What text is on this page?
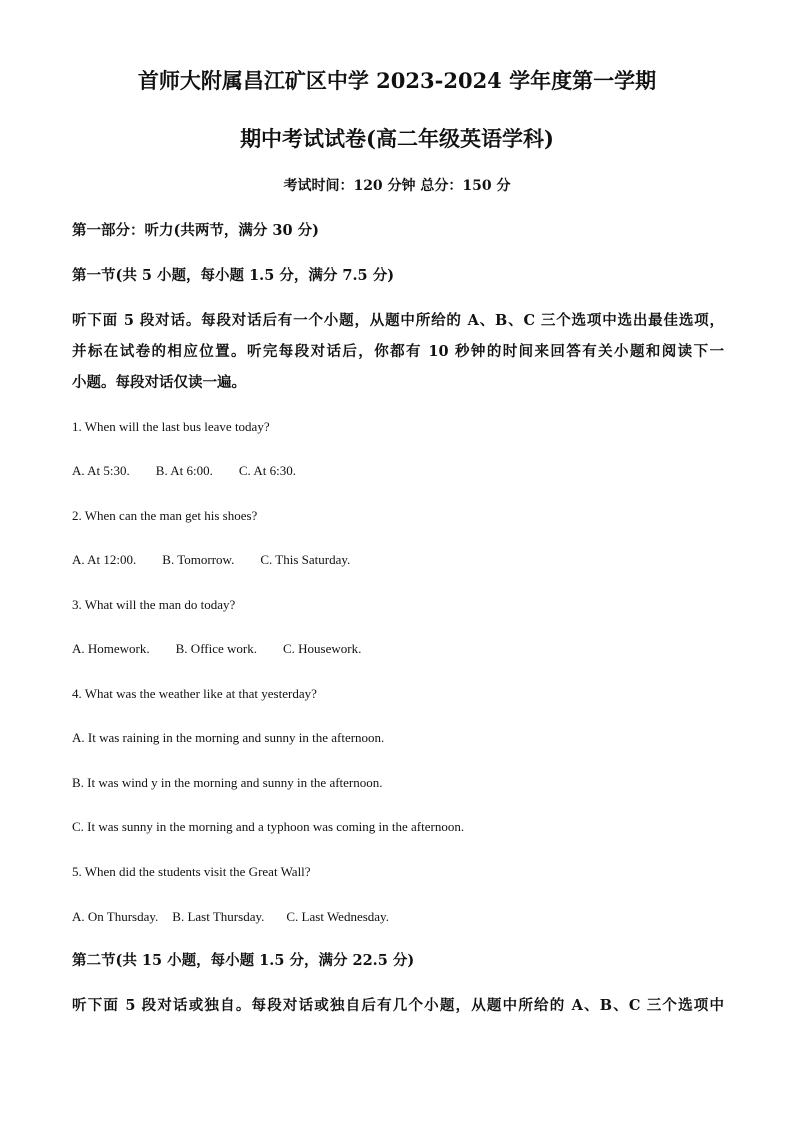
首师大附属昌江矿区中学 2023-2024 学年度第一学期
期中考试试卷(高二年级英语学科)
考试时间：120 分钟 总分：150 分
第一部分：听力(共两节，满分 30 分)
第一节(共 5 小题，每小题 1.5 分，满分 7.5 分)
听下面 5 段对话。每段对话后有一个小题，从题中所给的 A、B、C 三个选项中选出最佳选项，
并标在试卷的相应位置。听完每段对话后，你都有 10 秒钟的时间来回答有关小题和阅读下一
小题。每段对话仅读一遍。
1. When will the last bus leave today?
A. At 5:30. B. At 6:00. C. At 6:30.
2. When can the man get his shoes?
A. At 12:00. B. Tomorrow. C. This Saturday.
3. What will the man do today?
A. Homework. B. Office work. C. Housework.
4. What was the weather like at that yesterday?
A. It was raining in the morning and sunny in the afternoon.
B. It was wind y in the morning and sunny in the afternoon.
C. It was sunny in the morning and a typhoon was coming in the afternoon.
5. When did the students visit the Great Wall?
A. On Thursday. B. Last Thursday. C. Last Wednesday.
第二节(共 15 小题，每小题 1.5 分，满分 22.5 分)
听下面 5 段对话或独自。每段对话或独自后有几个小题，从题中所给的 A、B、C 三个选项中
